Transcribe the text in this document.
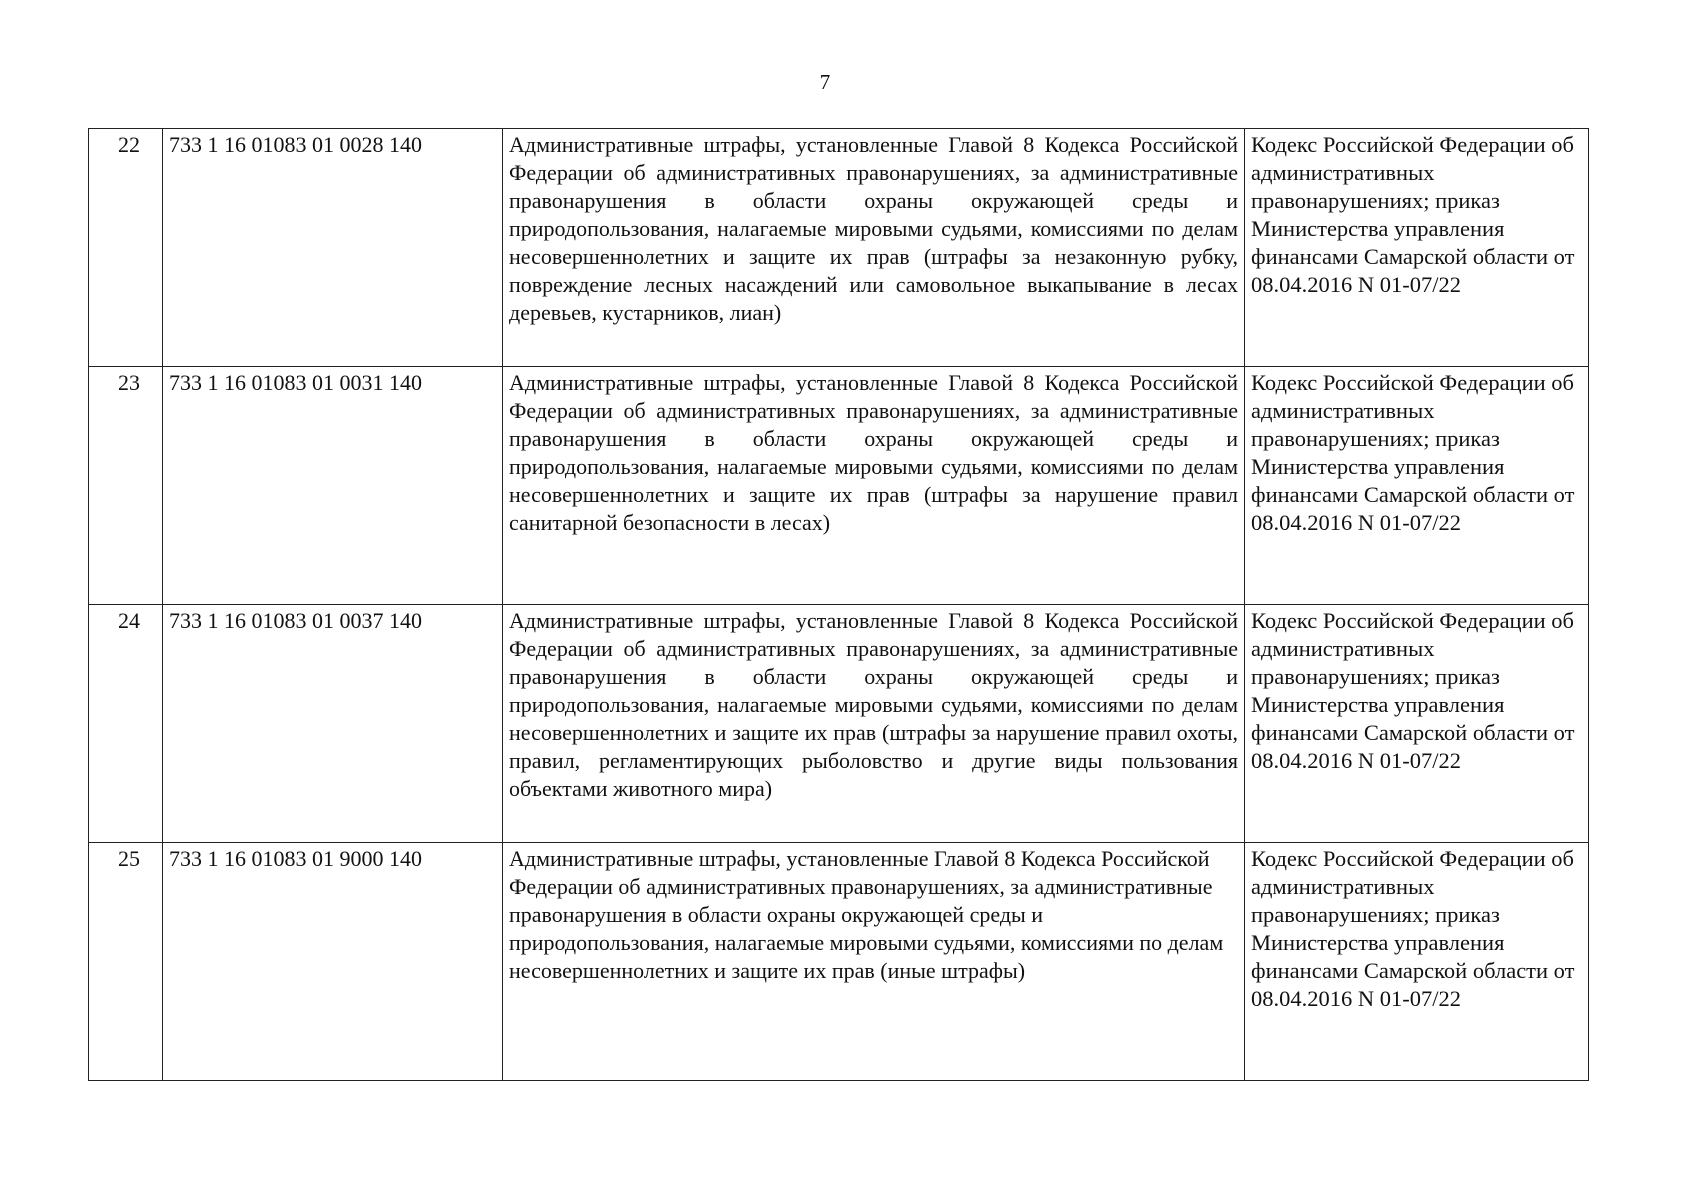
7
22	733 1 16 01083 01 0028 140	Административные штрафы, установленные Главой 8 Кодекса Российской Федерации об административных правонарушениях, за административные правонарушения в области охраны окружающей среды и природопользования, налагаемые мировыми судьями, комиссиями по делам несовершеннолетних и защите их прав (штрафы за незаконную рубку, повреждение лесных насаждений или самовольное выкапывание в лесах деревьев, кустарников, лиан)	Кодекс Российской Федерации об административных правонарушениях; приказ Министерства управления финансами Самарской области от 08.04.2016 N 01-07/22
23	733 1 16 01083 01 0031 140	Административные штрафы, установленные Главой 8 Кодекса Российской Федерации об административных правонарушениях, за административные правонарушения в области охраны окружающей среды и природопользования, налагаемые мировыми судьями, комиссиями по делам несовершеннолетних и защите их прав (штрафы за нарушение правил санитарной безопасности в лесах)	Кодекс Российской Федерации об административных правонарушениях; приказ Министерства управления финансами Самарской области от 08.04.2016 N 01-07/22
24	733 1 16 01083 01 0037 140	Административные штрафы, установленные Главой 8 Кодекса Российской Федерации об административных правонарушениях, за административные правонарушения в области охраны окружающей среды и природопользования, налагаемые мировыми судьями, комиссиями по делам несовершеннолетних и защите их прав (штрафы за нарушение правил охоты, правил, регламентирующих рыболовство и другие виды пользования объектами животного мира)	Кодекс Российской Федерации об административных правонарушениях; приказ Министерства управления финансами Самарской области от 08.04.2016 N 01-07/22
25	733 1 16 01083 01 9000 140	Административные штрафы, установленные Главой 8 Кодекса Российской Федерации об административных правонарушениях, за административные правонарушения в области охраны окружающей среды и природопользования, налагаемые мировыми судьями, комиссиями по делам несовершеннолетних и защите их прав (иные штрафы)	Кодекс Российской Федерации об административных правонарушениях; приказ Министерства управления финансами Самарской области от 08.04.2016 N 01-07/22
